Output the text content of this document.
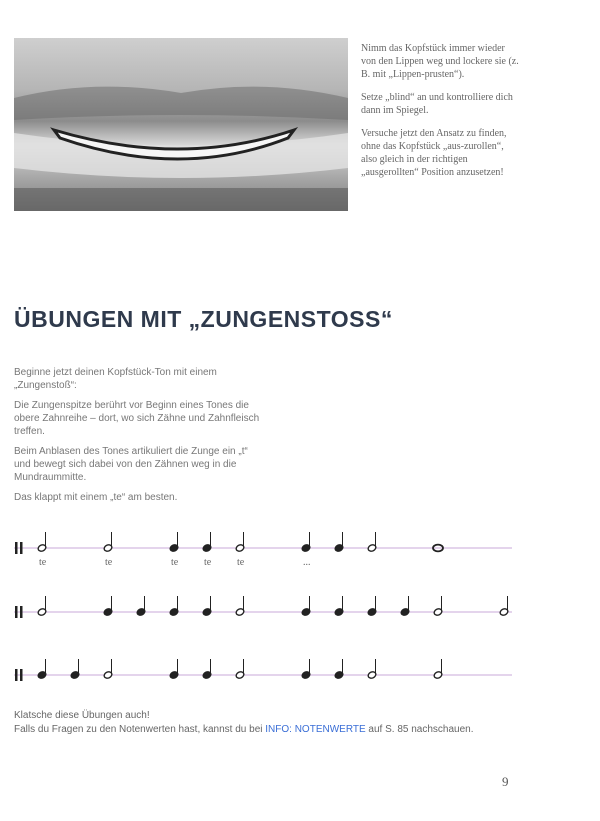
Nimm das Kopfstück immer wieder von den Lippen weg und lockere sie (z. B. mit „Lippen-prusten“).

Setze „blind“ an und kontrolliere dich dann im Spiegel.

Versuche jetzt den Ansatz zu finden, ohne das Kopfstück „aus-zurollen“, also gleich in der richtigen „ausgerollten“ Position anzusetzen!

ÜBUNGEN MIT „ZUNGENSTOSS“

Beginne jetzt deinen Kopfstück-Ton mit einem „Zungenstoß“:

Die Zungenspitze berührt vor Beginn eines Tones die obere Zahnreihe – dort, wo sich Zähne und Zahnfleisch treffen.

Beim Anblasen des Tones artikuliert die Zunge ein „t“ und bewegt sich dabei von den Zähnen weg in die Mundraummitte.

Das klappt mit einem „te“ am besten.

te	te	te	te	te	...
Klatsche diese Übungen auch!
Falls du Fragen zu den Notenwerten hast, kannst du bei INFO: NOTENWERTE auf S. 85 nachschauen.
9
